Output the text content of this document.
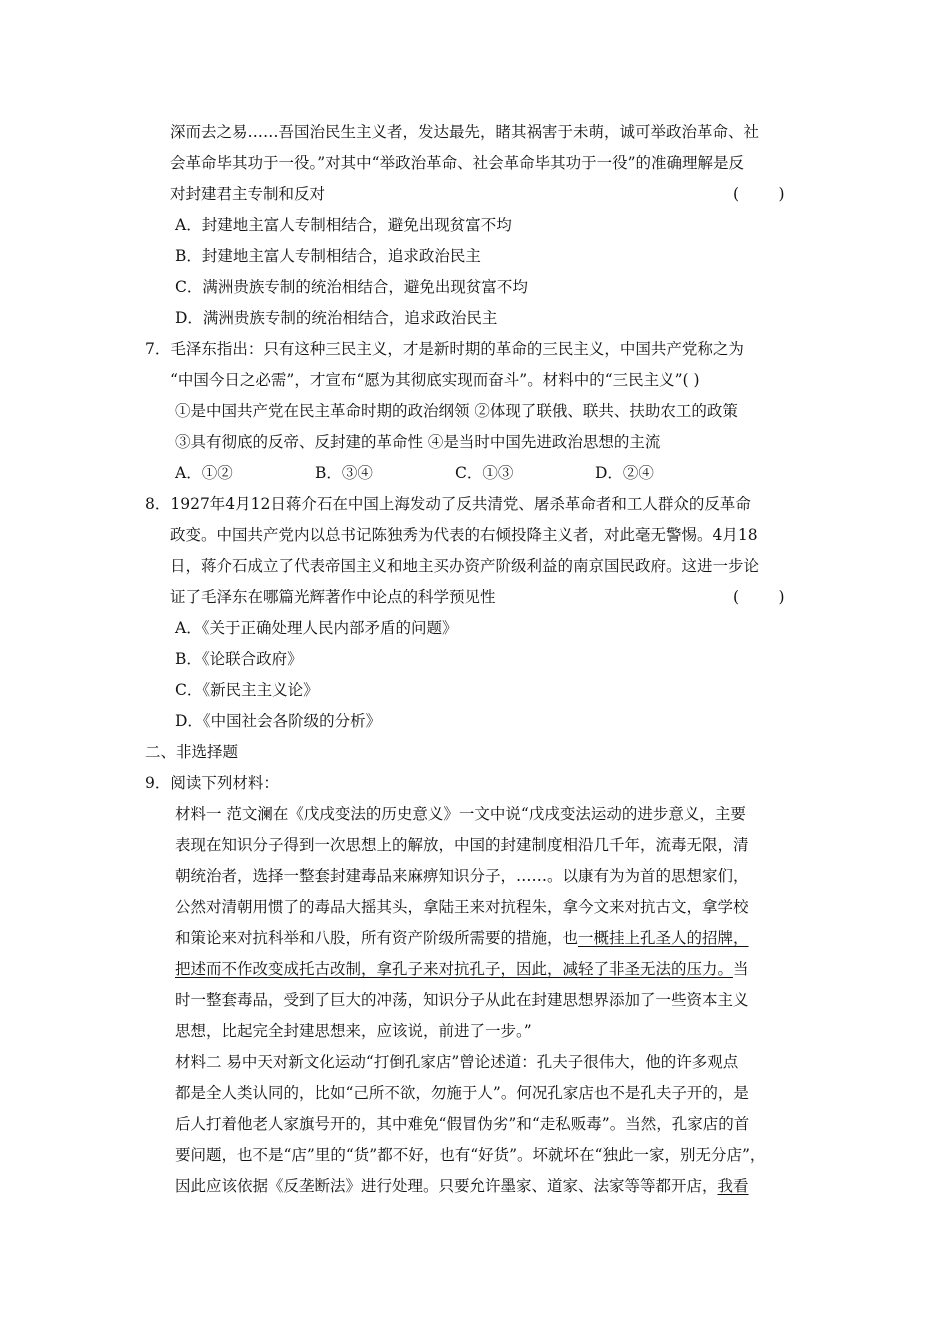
深而去之易……吾国治民生主义者，发达最先，睹其祸害于未萌，诚可举政治革命、社
会革命毕其功于一役。”对其中“举政治革命、社会革命毕其功于一役”的准确理解是反
对封建君主专制和反对	(        )
A．封建地主富人专制相结合，避免出现贫富不均
B．封建地主富人专制相结合，追求政治民主
C．满洲贵族专制的统治相结合，避免出现贫富不均
D．满洲贵族专制的统治相结合，追求政治民主
7．毛泽东指出：只有这种三民主义，才是新时期的革命的三民主义，中国共产党称之为
“中国今日之必需”，才宣布“愿为其彻底实现而奋斗”。材料中的“三民主义”( )
①是中国共产党在民主革命时期的政治纲领 ②体现了联俄、联共、扶助农工的政策
③具有彻底的反帝、反封建的革命性 ④是当时中国先进政治思想的主流
A．①②	B．③④	C．①③	D．②④
8．1927年4月12日蒋介石在中国上海发动了反共清党、屠杀革命者和工人群众的反革命
政变。中国共产党内以总书记陈独秀为代表的右倾投降主义者，对此毫无警惕。4月18
日，蒋介石成立了代表帝国主义和地主买办资产阶级利益的南京国民政府。这进一步论
证了毛泽东在哪篇光辉著作中论点的科学预见性	(        )
A．《关于正确处理人民内部矛盾的问题》
B．《论联合政府》
C．《新民主主义论》
D．《中国社会各阶级的分析》
二、非选择题
9．阅读下列材料：
材料一 范文澜在《戊戌变法的历史意义》一文中说“戊戌变法运动的进步意义，主要
表现在知识分子得到一次思想上的解放，中国的封建制度相沿几千年，流毒无限，清
朝统治者，选择一整套封建毒品来麻痹知识分子，……。以康有为为首的思想家们，
公然对清朝用惯了的毒品大摇其头，拿陆王来对抗程朱，拿今文来对抗古文，拿学校
和策论来对抗科举和八股，所有资产阶级所需要的措施，也一概挂上孔圣人的招牌，
把述而不作改变成托古改制，拿孔子来对抗孔子，因此，减轻了非圣无法的压力。当
时一整套毒品，受到了巨大的冲荡，知识分子从此在封建思想界添加了一些资本主义
思想，比起完全封建思想来，应该说，前进了一步。”
材料二 易中天对新文化运动“打倒孔家店”曾论述道：孔夫子很伟大，他的许多观点
都是全人类认同的，比如“己所不欲，勿施于人”。何况孔家店也不是孔夫子开的，是
后人打着他老人家旗号开的，其中难免“假冒伪劣”和“走私贩毒”。当然，孔家店的首
要问题，也不是“店”里的“货”都不好，也有“好货”。坏就坏在“独此一家，别无分店”，
因此应该依据《反垄断法》进行处理。只要允许墨家、道家、法家等等都开店，我看
